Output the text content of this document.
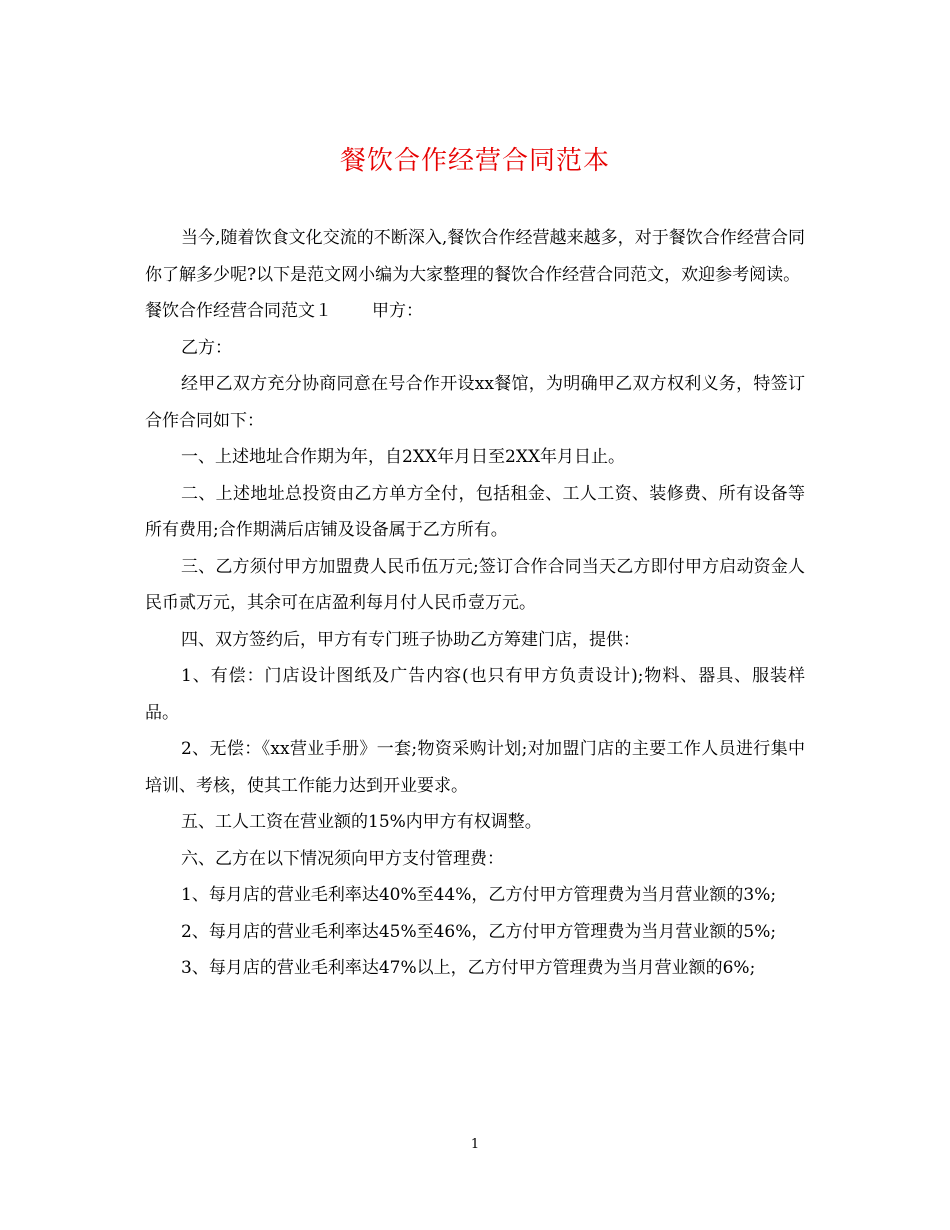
餐饮合作经营合同范本

当今,随着饮食文化交流的不断深入,餐饮合作经营越来越多，对于餐饮合作经营合同你了解多少呢?以下是范文网小编为大家整理的餐饮合作经营合同范文，欢迎参考阅读。

餐饮合作经营合同范文１ 甲方：

乙方：

经甲乙双方充分协商同意在号合作开设xx餐馆，为明确甲乙双方权利义务，特签订合作合同如下：

一、上述地址合作期为年，自2XX年月日至2XX年月日止。

二、上述地址总投资由乙方单方全付，包括租金、工人工资、装修费、所有设备等所有费用;合作期满后店铺及设备属于乙方所有。

三、乙方须付甲方加盟费人民币伍万元;签订合作合同当天乙方即付甲方启动资金人民币贰万元，其余可在店盈利每月付人民币壹万元。

四、双方签约后，甲方有专门班子协助乙方筹建门店，提供：

1、有偿：门店设计图纸及广告内容(也只有甲方负责设计);物料、器具、服装样品。

2、无偿：《xx营业手册》一套;物资采购计划;对加盟门店的主要工作人员进行集中培训、考核，使其工作能力达到开业要求。

五、工人工资在营业额的15%内甲方有权调整。

六、乙方在以下情况须向甲方支付管理费：

1、每月店的营业毛利率达40%至44%，乙方付甲方管理费为当月营业额的3%;

2、每月店的营业毛利率达45%至46%，乙方付甲方管理费为当月营业额的5%;

3、每月店的营业毛利率达47%以上，乙方付甲方管理费为当月营业额的6%;

1
